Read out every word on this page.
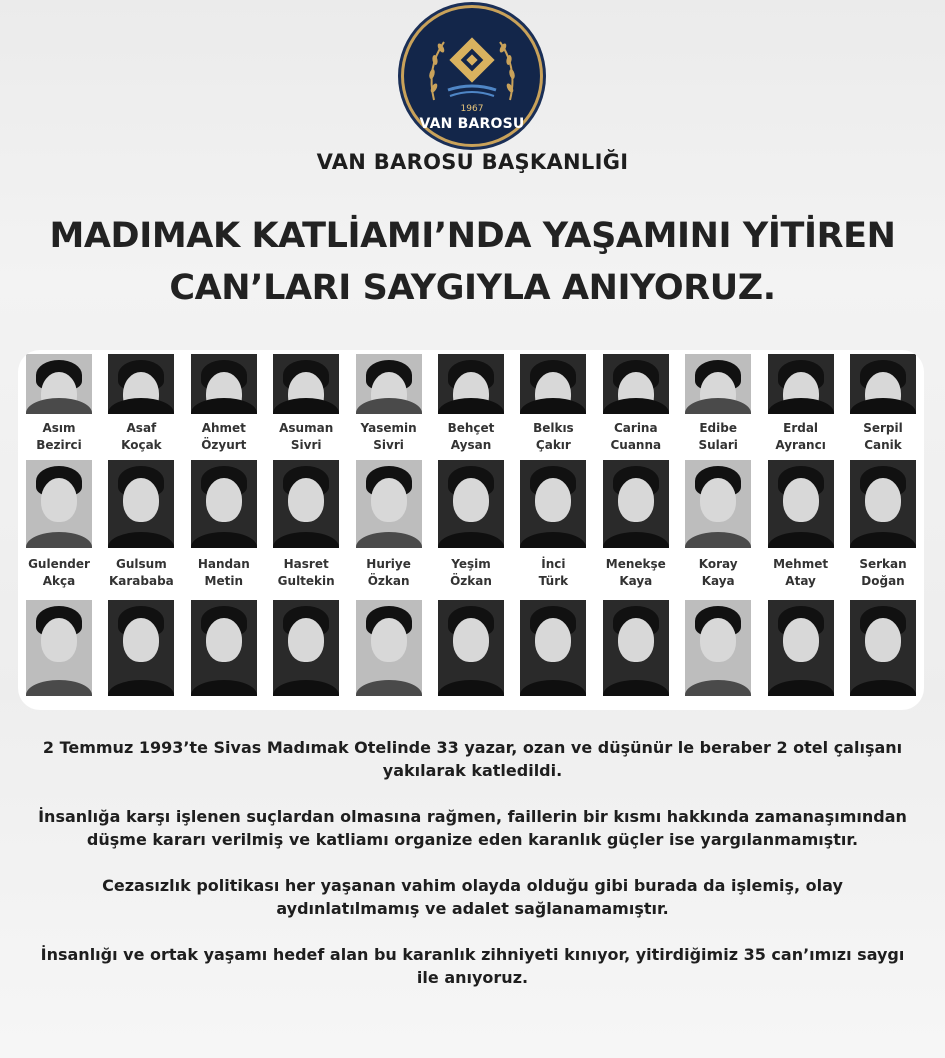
1967
VAN BAROSU
VAN BAROSU BAŞKANLIĞI
MADIMAK KATLİAMI’NDA YAŞAMINI YİTİREN
CAN’LARI SAYGIYLA ANIYORUZ.
Asım
Bezirci
Asaf
Koçak
Ahmet
Özyurt
Asuman
Sivri
Yasemin
Sivri
Behçet
Aysan
Belkıs
Çakır
Carina
Cuanna
Edibe
Sulari
Erdal
Ayrancı
Serpil
Canik
Gulender
Akça
Gulsum
Karababa
Handan
Metin
Hasret
Gultekin
Huriye
Özkan
Yeşim
Özkan
İnci
Türk
Menekşe
Kaya
Koray
Kaya
Mehmet
Atay
Serkan
Doğan

2 Temmuz 1993’te Sivas Madımak Otelinde 33 yazar, ozan ve düşünür le beraber 2 otel çalışanı yakılarak katledildi.

İnsanlığa karşı işlenen suçlardan olmasına rağmen, faillerin bir kısmı hakkında zamanaşımından düşme kararı verilmiş ve katliamı organize eden karanlık güçler ise yargılanmamıştır.

Cezasızlık politikası her yaşanan vahim olayda olduğu gibi burada da işlemiş, olay aydınlatılmamış ve adalet sağlanamamıştır.

İnsanlığı ve ortak yaşamı hedef alan bu karanlık zihniyeti kınıyor, yitirdiğimiz 35 can’ımızı saygı ile anıyoruz.
